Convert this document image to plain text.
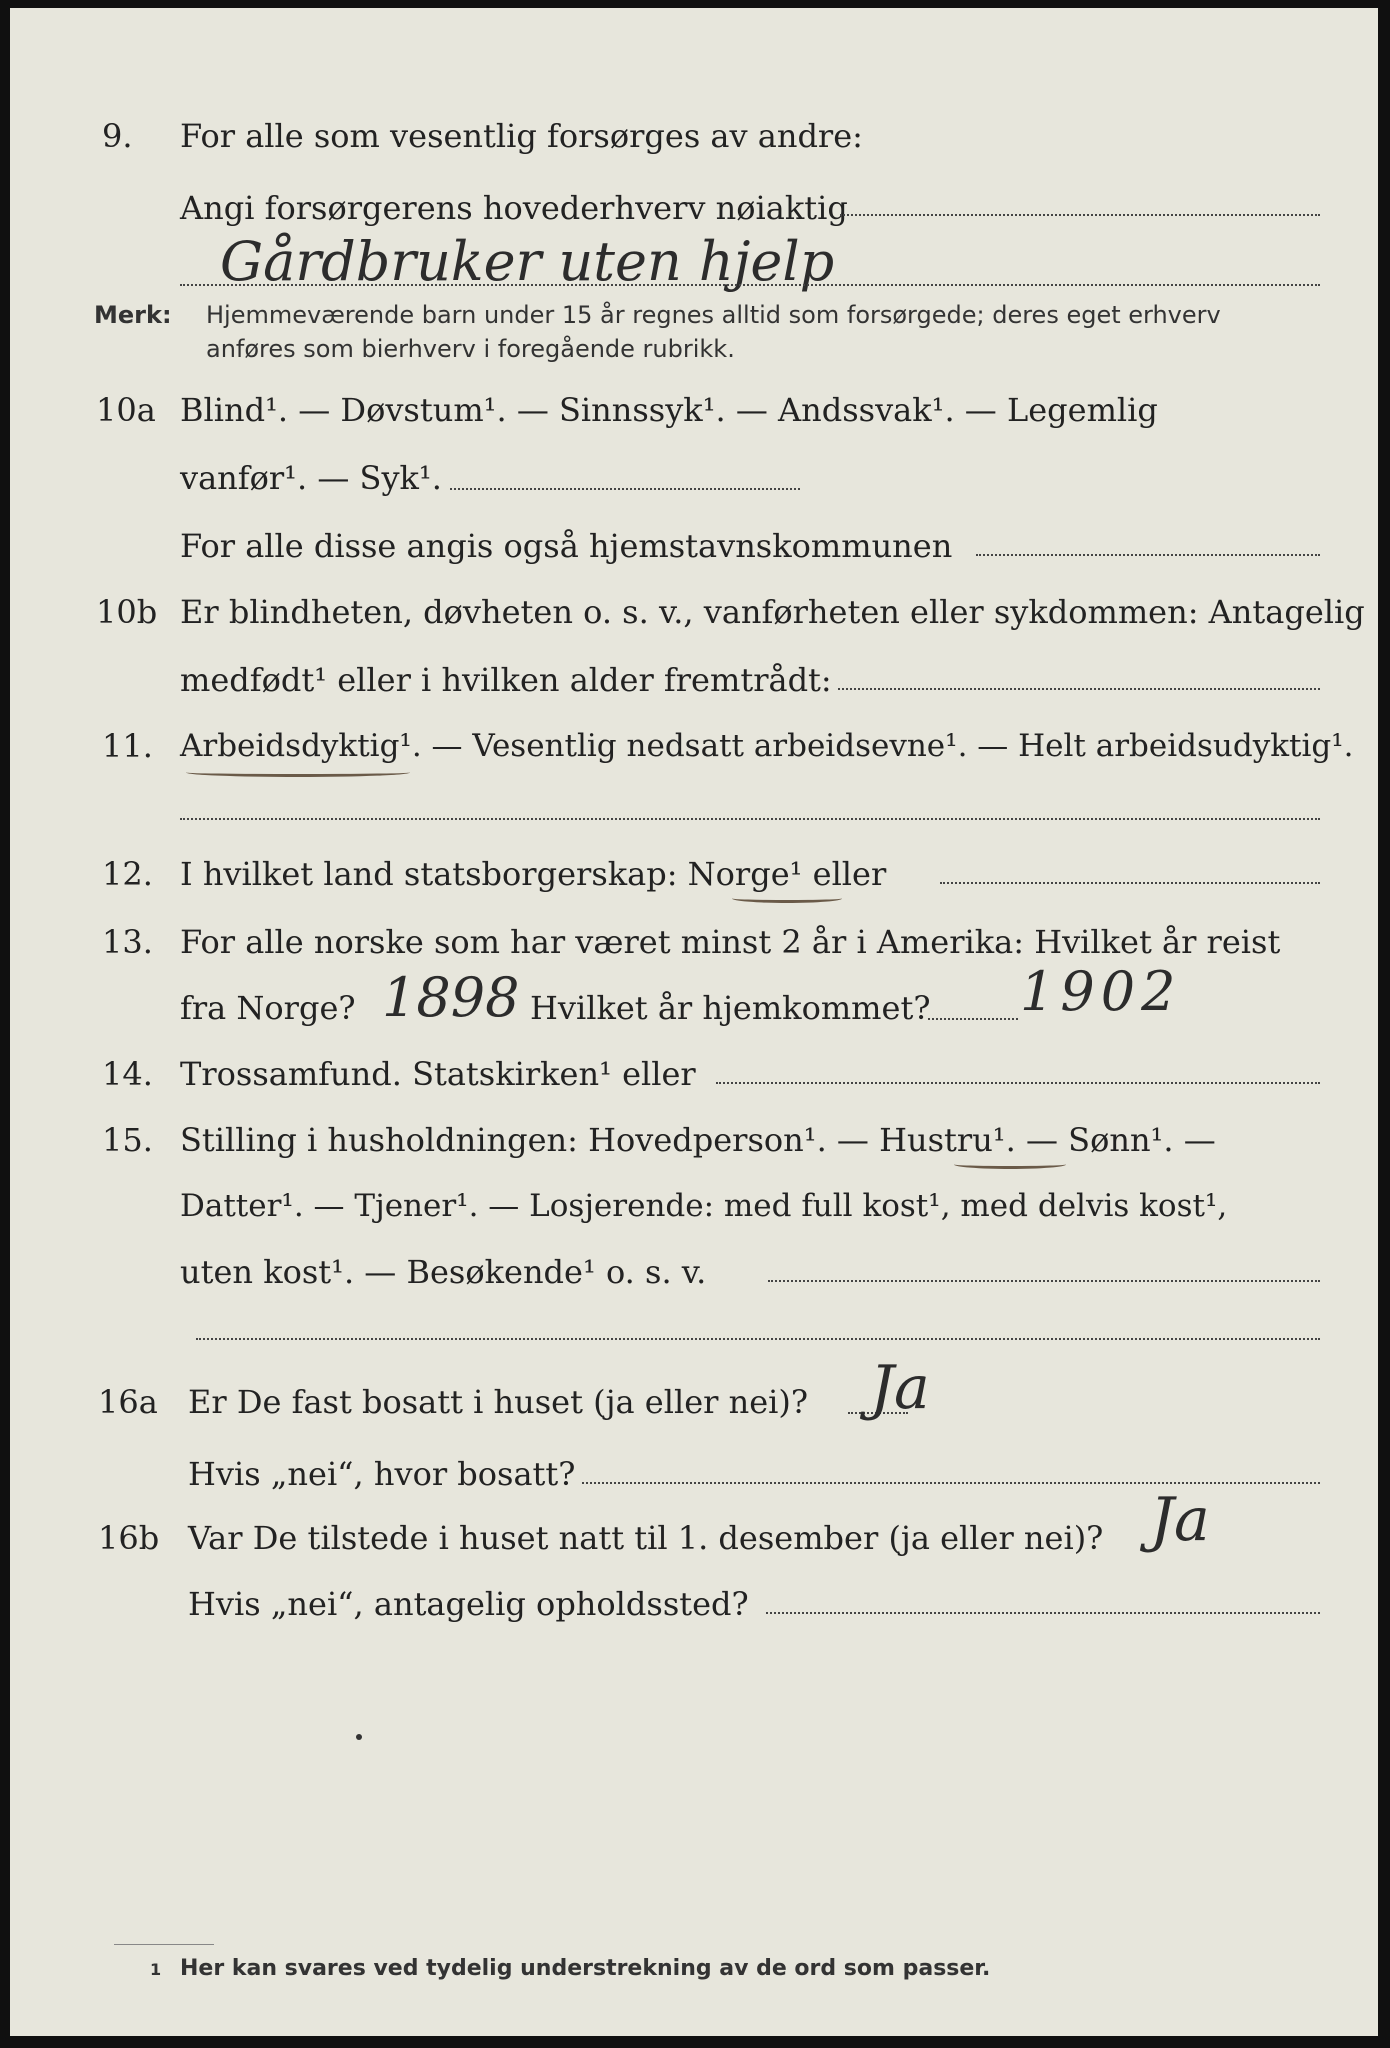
9. For alle som vesentlig forsørges av andre:
Angi forsørgerens hovederhverv nøiaktig
Gårdbruker uten hjelp
Merk: Hjemmeværende barn under 15 år regnes alltid som forsørgede; deres eget erhverv
anføres som bierhverv i foregående rubrikk.
10a Blind¹. — Døvstum¹. — Sinnssyk¹. — Andssvak¹. — Legemlig
vanfør¹. — Syk¹.
For alle disse angis også hjemstavnskommunen
10b Er blindheten, døvheten o. s. v., vanførheten eller sykdommen: Antagelig
medfødt¹ eller i hvilken alder fremtrådt:
11. Arbeidsdyktig¹. — Vesentlig nedsatt arbeidsevne¹. — Helt arbeidsudyktig¹.
12. I hvilket land statsborgerskap: Norge¹ eller
13. For alle norske som har været minst 2 år i Amerika: Hvilket år reist
fra Norge?	Hvilket år hjemkommet?
1898	1902
14. Trossamfund. Statskirken¹ eller
15. Stilling i husholdningen: Hovedperson¹. — Hustru¹. — Sønn¹. —
Datter¹. — Tjener¹. — Losjerende: med full kost¹, med delvis kost¹,
uten kost¹. — Besøkende¹ o. s. v.
16a Er De fast bosatt i huset (ja eller nei)? Ja
Hvis „nei“, hvor bosatt?
16b Var De tilstede i huset natt til 1. desember (ja eller nei)? Ja
Hvis „nei“, antagelig opholdssted?
1 Her kan svares ved tydelig understrekning av de ord som passer.
